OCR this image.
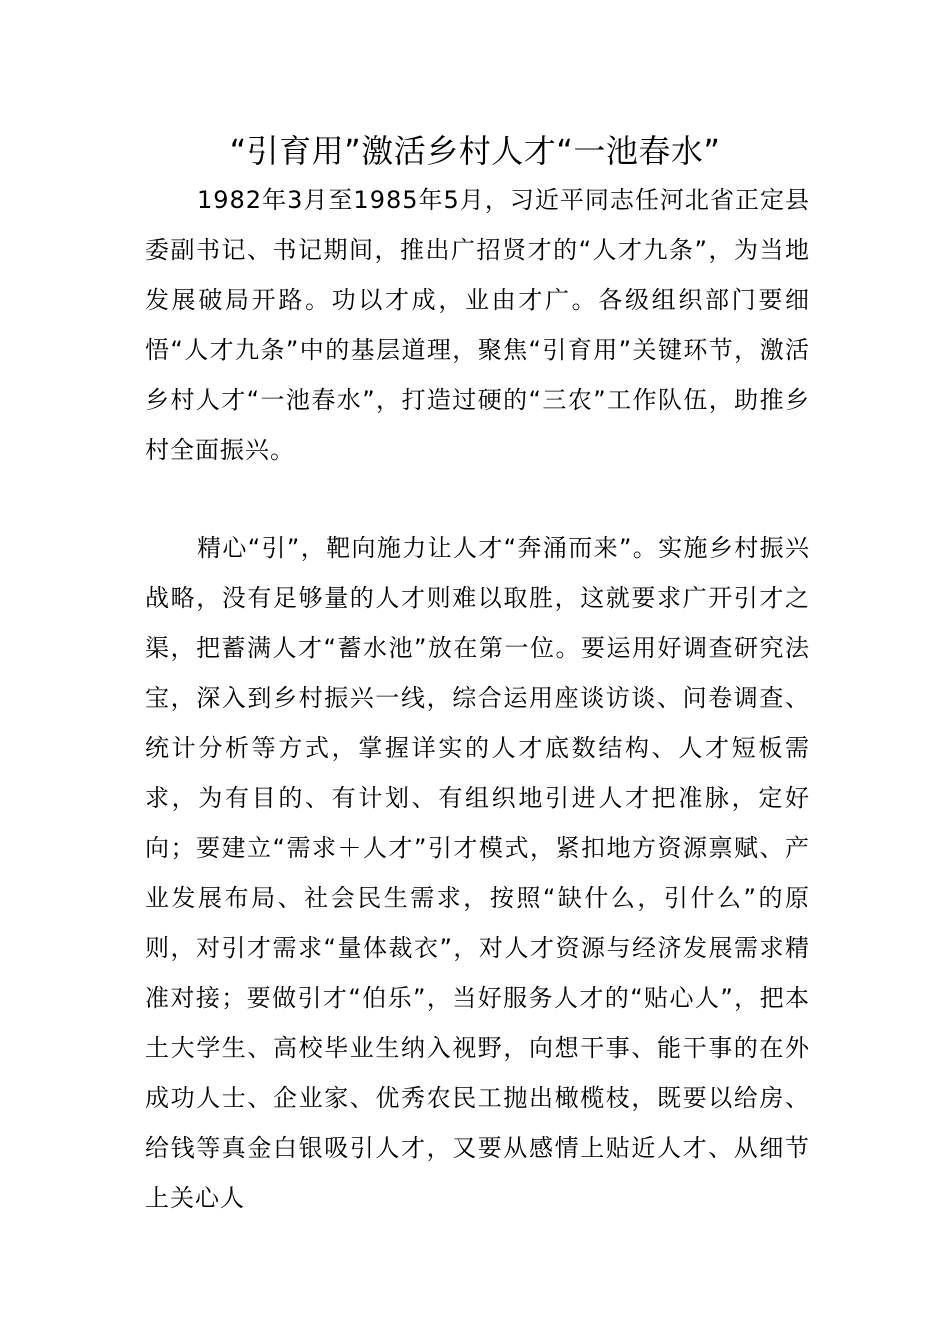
“引育用”激活乡村人才“一池春水”

1982年3月至1985年5月，习近平同志任河北省正定县委副书记、书记期间，推出广招贤才的“人才九条”，为当地发展破局开路。功以才成，业由才广。各级组织部门要细悟“人才九条”中的基层道理，聚焦“引育用”关键环节，激活乡村人才“一池春水”，打造过硬的“三农”工作队伍，助推乡村全面振兴。

精心“引”，靶向施力让人才“奔涌而来”。实施乡村振兴战略，没有足够量的人才则难以取胜，这就要求广开引才之渠，把蓄满人才“蓄水池”放在第一位。要运用好调查研究法宝，深入到乡村振兴一线，综合运用座谈访谈、问卷调查、统计分析等方式，掌握详实的人才底数结构、人才短板需求，为有目的、有计划、有组织地引进人才把准脉，定好向；要建立“需求＋人才”引才模式，紧扣地方资源禀赋、产业发展布局、社会民生需求，按照“缺什么，引什么”的原则，对引才需求“量体裁衣”，对人才资源与经济发展需求精准对接；要做引才“伯乐”，当好服务人才的“贴心人”，把本土大学生、高校毕业生纳入视野，向想干事、能干事的在外成功人士、企业家、优秀农民工抛出橄榄枝，既要以给房、给钱等真金白银吸引人才，又要从感情上贴近人才、从细节上关心人
